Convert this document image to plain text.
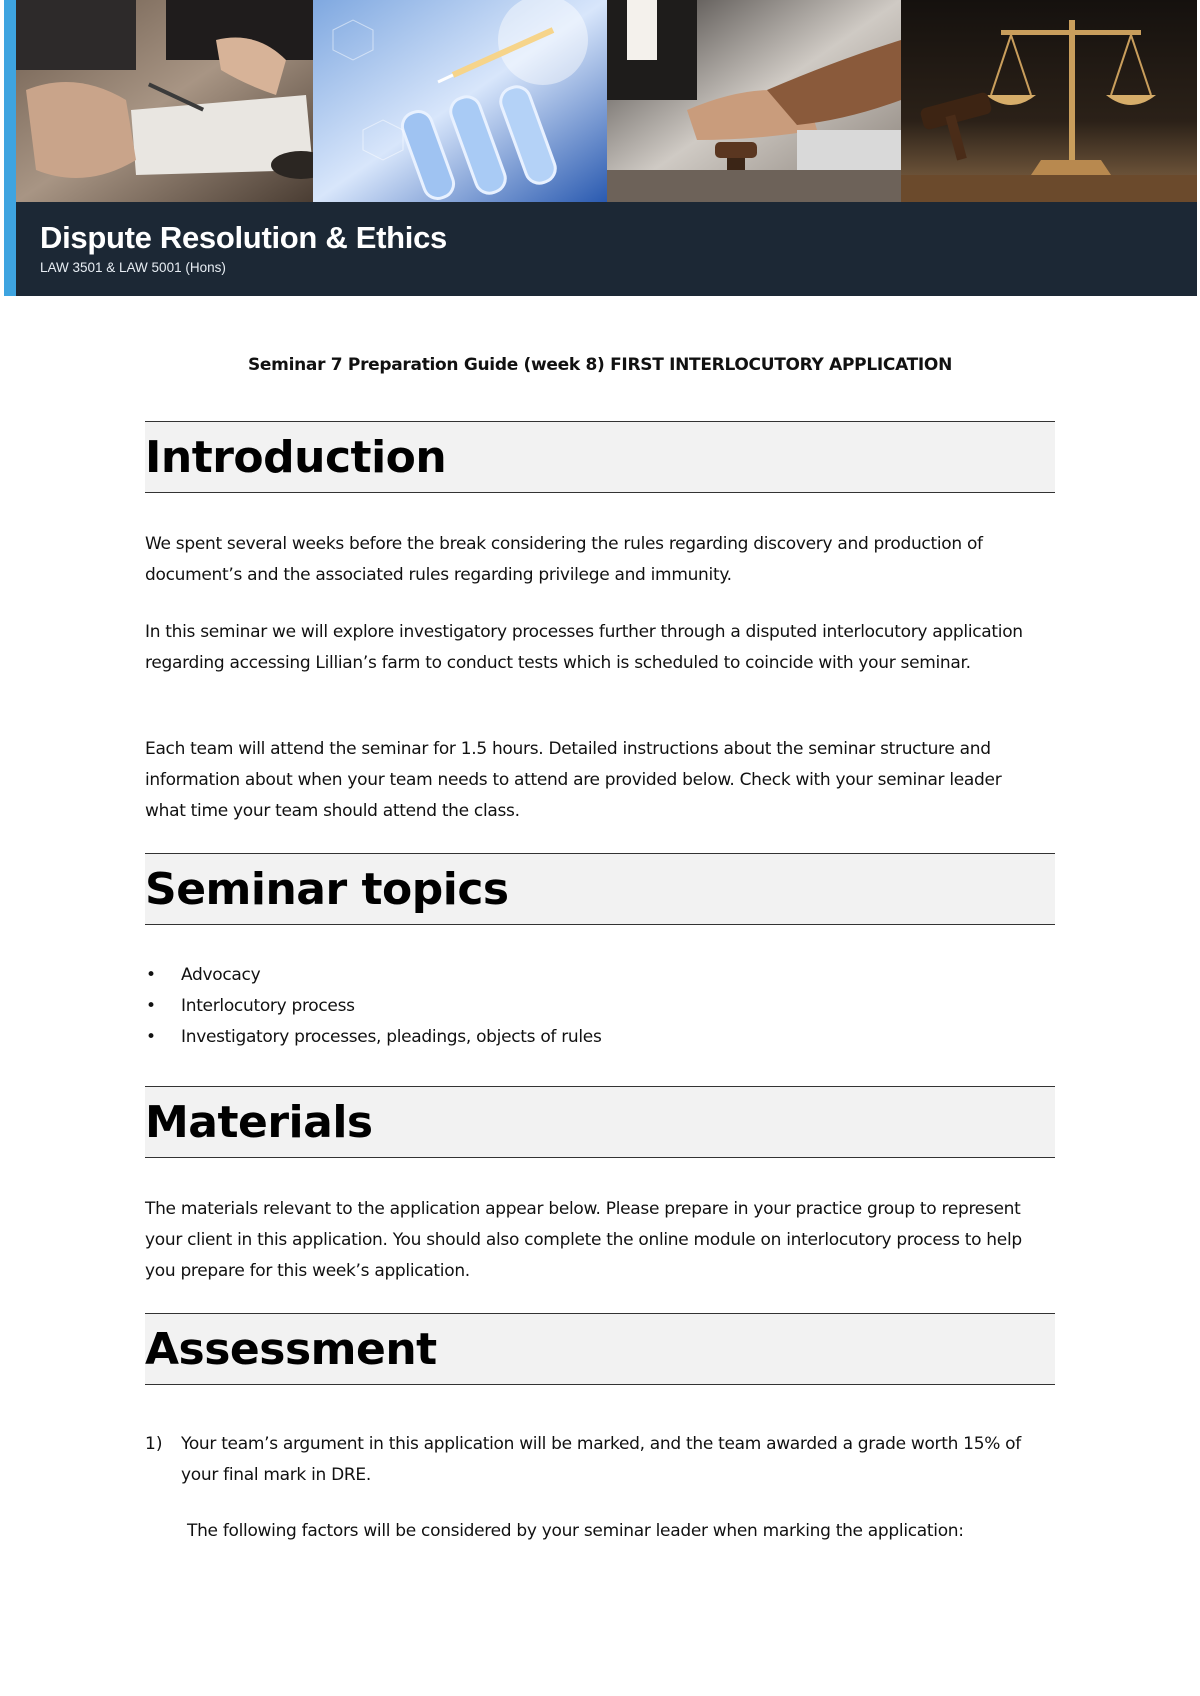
Dispute Resolution & Ethics
LAW 3501 & LAW 5001 (Hons)
Seminar 7 Preparation Guide (week 8) FIRST INTERLOCUTORY APPLICATION
Introduction

We spent several weeks before the break considering the rules regarding discovery and production of document’s and the associated rules regarding privilege and immunity.

In this seminar we will explore investigatory processes further through a disputed interlocutory application regarding accessing Lillian’s farm to conduct tests which is scheduled to coincide with your seminar.

Each team will attend the seminar for 1.5 hours. Detailed instructions about the seminar structure and information about when your team needs to attend are provided below. Check with your seminar leader what time your team should attend the class.

Seminar topics
• Advocacy
• Interlocutory process
• Investigatory processes, pleadings, objects of rules
Materials

The materials relevant to the application appear below. Please prepare in your practice group to represent your client in this application. You should also complete the online module on interlocutory process to help you prepare for this week’s application.

Assessment
1) Your team’s argument in this application will be marked, and the team awarded a grade worth 15% of your final mark in DRE.
The following factors will be considered by your seminar leader when marking the application:
